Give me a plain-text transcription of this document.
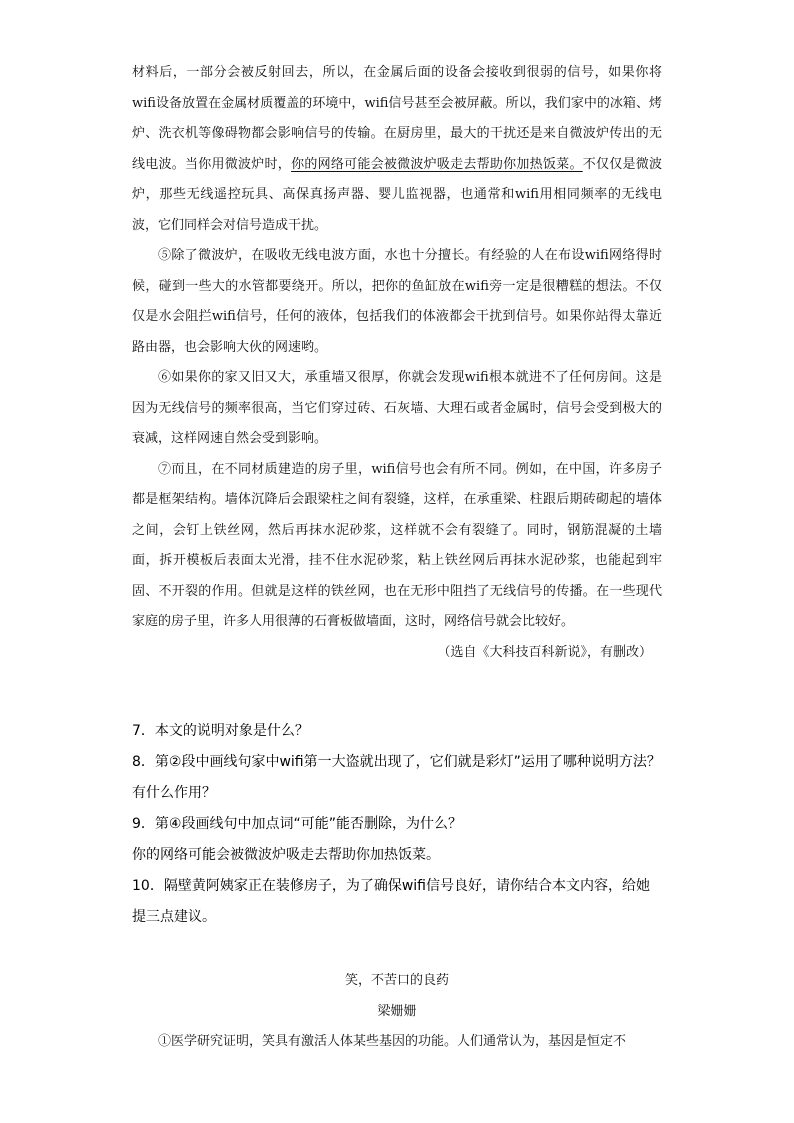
材料后，一部分会被反射回去，所以，在金属后面的设备会接收到很弱的信号，如果你将wifi设备放置在金属材质覆盖的环境中，wifi信号甚至会被屏蔽。所以，我们家中的冰箱、烤炉、洗衣机等像碍物都会影响信号的传输。在厨房里，最大的干扰还是来自微波炉传出的无线电波。当你用微波炉时，你的网络可能会被微波炉吸走去帮助你加热饭菜。不仅仅是微波炉，那些无线遥控玩具、高保真扬声器、婴儿监视器，也通常和wifi用相同频率的无线电波，它们同样会对信号造成干扰。

⑤除了微波炉，在吸收无线电波方面，水也十分擅长。有经验的人在布设wifi网络得时候，碰到一些大的水管都要绕开。所以，把你的鱼缸放在wifi旁一定是很糟糕的想法。不仅仅是水会阻拦wifi信号，任何的液体，包括我们的体液都会干扰到信号。如果你站得太靠近路由器，也会影响大伙的网速哟。

⑥如果你的家又旧又大，承重墙又很厚，你就会发现wifi根本就进不了任何房间。这是因为无线信号的频率很高，当它们穿过砖、石灰墙、大理石或者金属时，信号会受到极大的衰减，这样网速自然会受到影响。

⑦而且，在不同材质建造的房子里，wifi信号也会有所不同。例如，在中国，许多房子都是框架结构。墙体沉降后会跟梁柱之间有裂缝，这样，在承重梁、柱跟后期砖砌起的墙体之间，会钉上铁丝网，然后再抹水泥砂浆，这样就不会有裂缝了。同时，钢筋混凝的土墙面，拆开模板后表面太光滑，挂不住水泥砂浆，粘上铁丝网后再抹水泥砂浆，也能起到牢固、不开裂的作用。但就是这样的铁丝网，也在无形中阻挡了无线信号的传播。在一些现代家庭的房子里，许多人用很薄的石膏板做墙面，这时，网络信号就会比较好。

（选自《大科技百科新说》，有删改）

7．本文的说明对象是什么？

8．第②段中画线句家中wifi第一大盗就出现了，它们就是彩灯”运用了哪种说明方法？有什么作用？

9．第④段画线句中加点词“可能”能否删除，为什么？

你的网络可能会被微波炉吸走去帮助你加热饭菜。

10．隔壁黄阿姨家正在装修房子，为了确保wifi信号良好，请你结合本文内容，给她提三点建议。

笑，不苦口的良药

梁姗姗

①医学研究证明，笑具有激活人体某些基因的功能。人们通常认为，基因是恒定不
